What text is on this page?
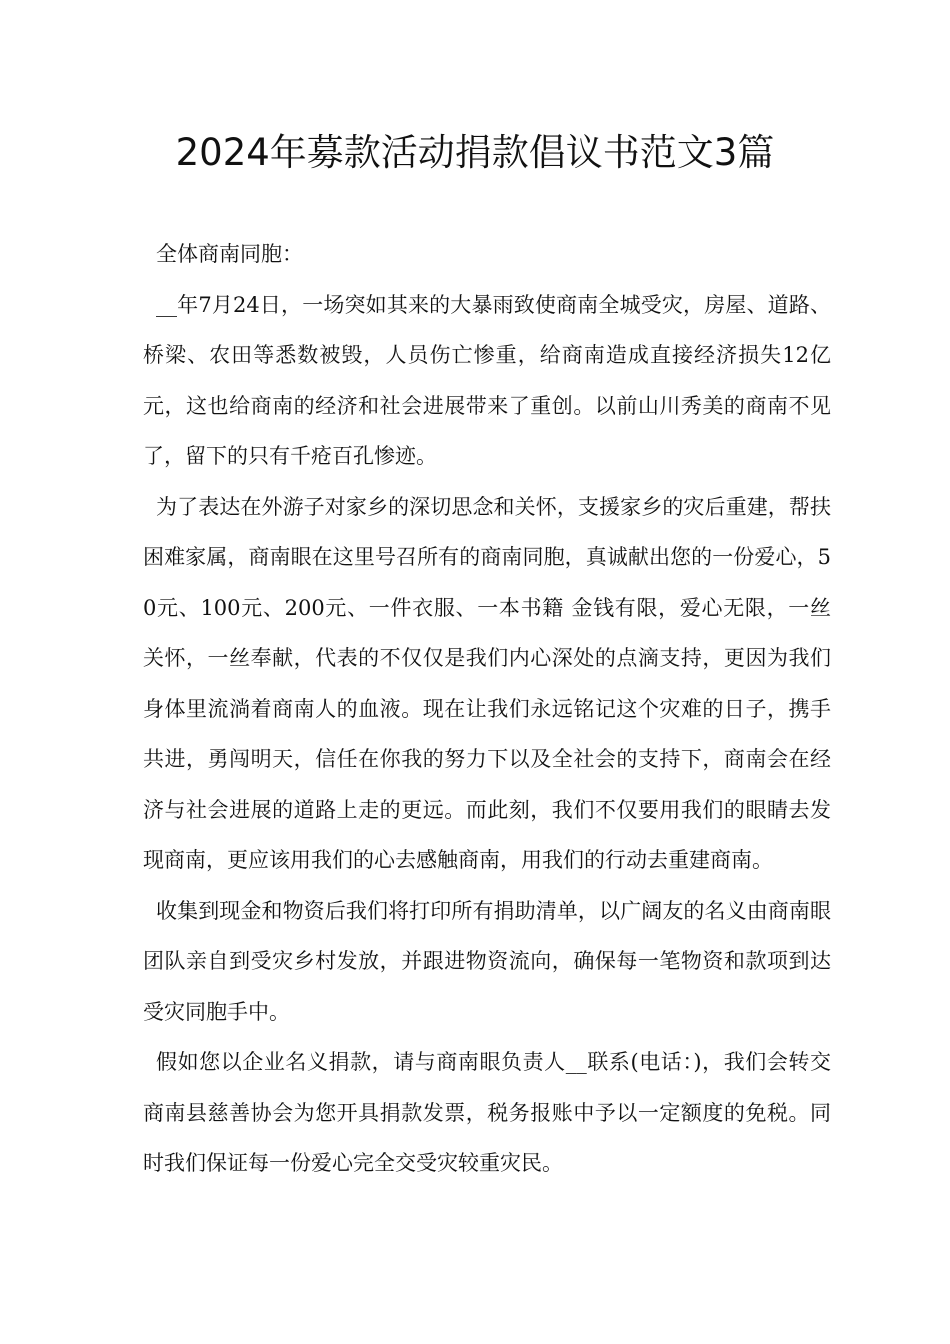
2024年募款活动捐款倡议书范文3篇

全体商南同胞：

__年7月24日，一场突如其来的大暴雨致使商南全城受灾，房屋、道路、桥梁、农田等悉数被毁，人员伤亡惨重，给商南造成直接经济损失12亿元，这也给商南的经济和社会进展带来了重创。以前山川秀美的商南不见了，留下的只有千疮百孔惨迹。

为了表达在外游子对家乡的深切思念和关怀，支援家乡的灾后重建，帮扶困难家属，商南眼在这里号召所有的商南同胞，真诚献出您的一份爱心，50元、100元、200元、一件衣服、一本书籍 金钱有限，爱心无限，一丝关怀，一丝奉献，代表的不仅仅是我们内心深处的点滴支持，更因为我们身体里流淌着商南人的血液。现在让我们永远铭记这个灾难的日子，携手共进，勇闯明天，信任在你我的努力下以及全社会的支持下，商南会在经济与社会进展的道路上走的更远。而此刻，我们不仅要用我们的眼睛去发现商南，更应该用我们的心去感触商南，用我们的行动去重建商南。

收集到现金和物资后我们将打印所有捐助清单，以广阔友的名义由商南眼团队亲自到受灾乡村发放，并跟进物资流向，确保每一笔物资和款项到达受灾同胞手中。

假如您以企业名义捐款，请与商南眼负责人__联系(电话：)，我们会转交商南县慈善协会为您开具捐款发票，税务报账中予以一定额度的免税。同时我们保证每一份爱心完全交受灾较重灾民。
